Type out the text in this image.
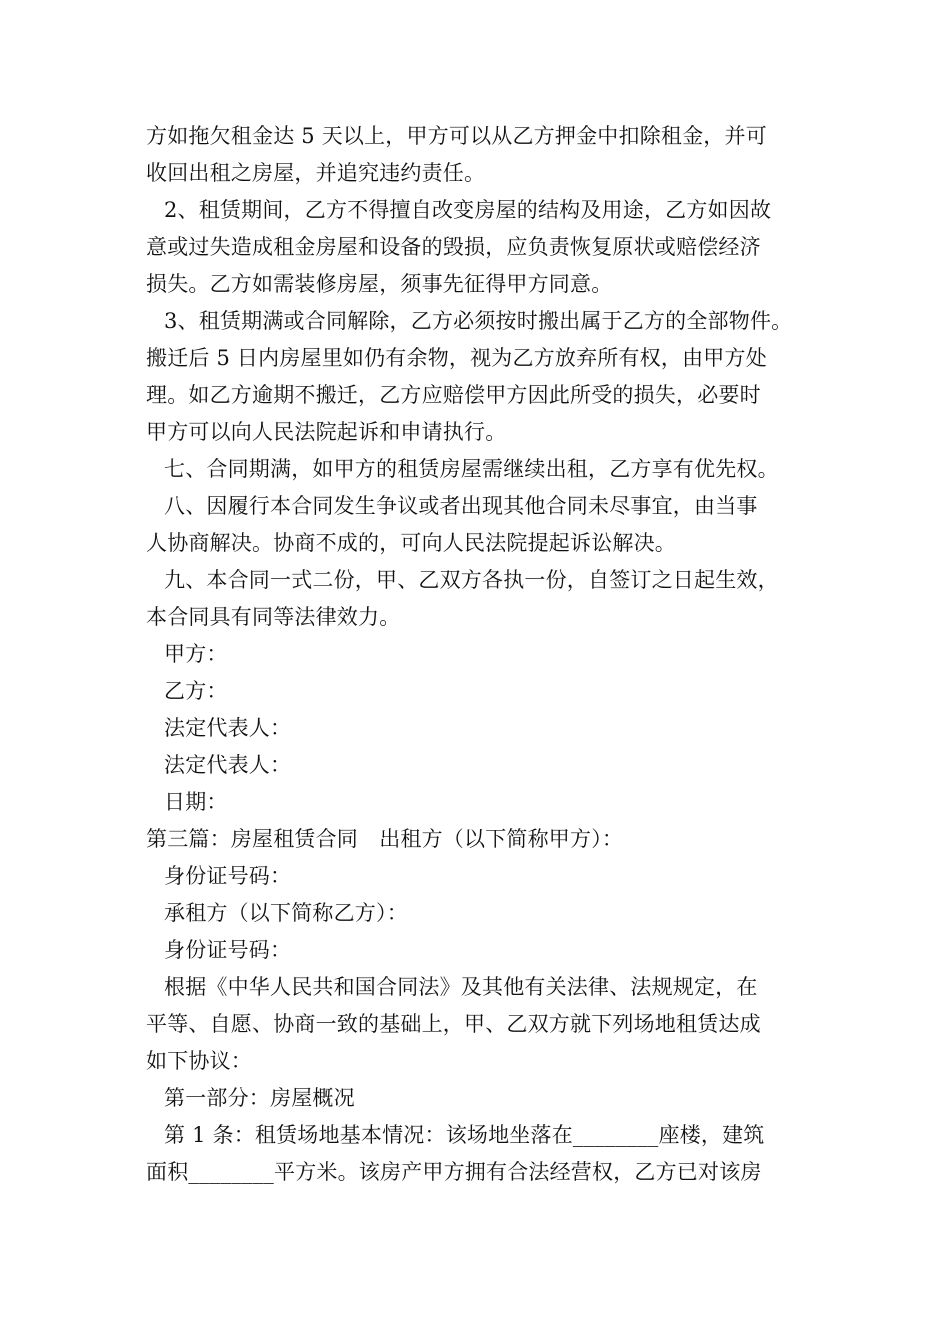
方如拖欠租金达 5 天以上，甲方可以从乙方押金中扣除租金，并可
收回出租之房屋，并追究违约责任。
2、租赁期间，乙方不得擅自改变房屋的结构及用途，乙方如因故
意或过失造成租金房屋和设备的毁损，应负责恢复原状或赔偿经济
损失。乙方如需装修房屋，须事先征得甲方同意。
3、租赁期满或合同解除，乙方必须按时搬出属于乙方的全部物件。
搬迁后 5 日内房屋里如仍有余物，视为乙方放弃所有权，由甲方处
理。如乙方逾期不搬迁，乙方应赔偿甲方因此所受的损失，必要时
甲方可以向人民法院起诉和申请执行。
七、合同期满，如甲方的租赁房屋需继续出租，乙方享有优先权。
八、因履行本合同发生争议或者出现其他合同未尽事宜，由当事
人协商解决。协商不成的，可向人民法院提起诉讼解决。
九、本合同一式二份，甲、乙双方各执一份，自签订之日起生效，
本合同具有同等法律效力。
甲方：
乙方：
法定代表人：
法定代表人：
日期：
第三篇：房屋租赁合同　出租方（以下简称甲方）：
身份证号码：
承租方（以下简称乙方）：
身份证号码：
根据《中华人民共和国合同法》及其他有关法律、法规规定，在
平等、自愿、协商一致的基础上，甲、乙双方就下列场地租赁达成
如下协议：
第一部分：房屋概况
第 1 条：租赁场地基本情况：该场地坐落在________座楼，建筑
面积________平方米。该房产甲方拥有合法经营权，乙方已对该房
